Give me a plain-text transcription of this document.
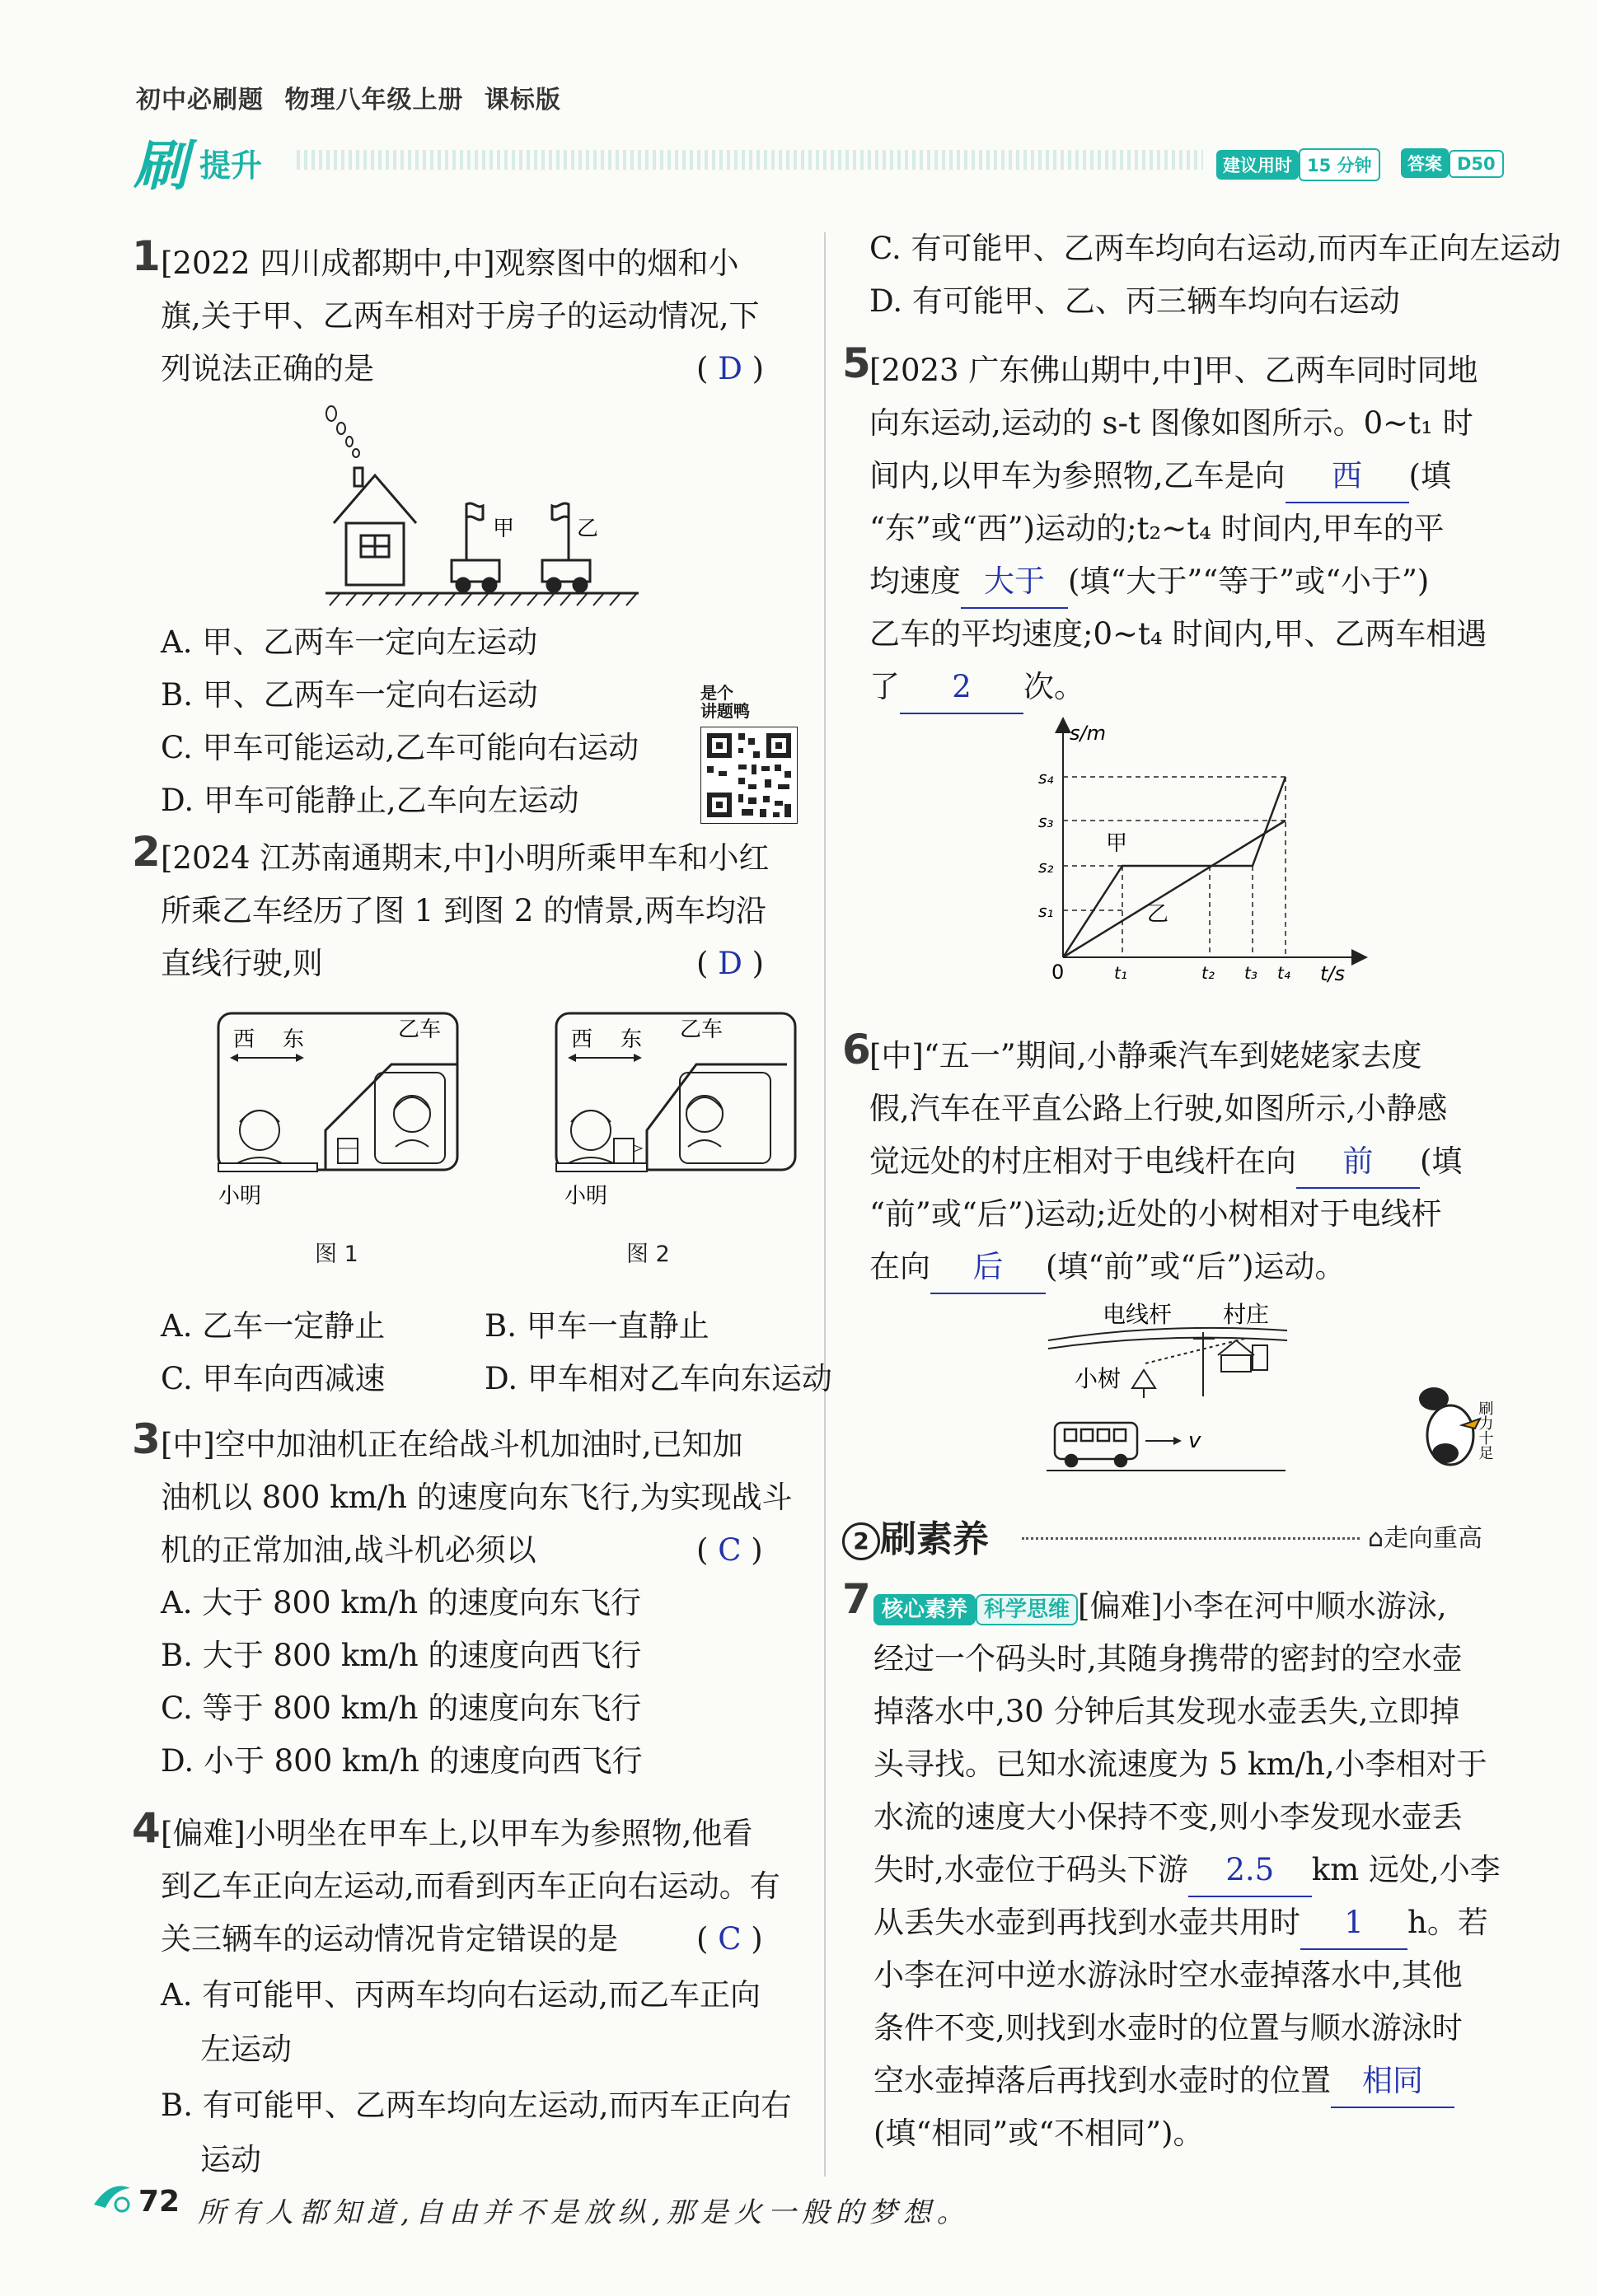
初中必刷题 物理八年级上册 课标版
刷 提升	建议用时 15 分钟	答案 D50
1 [2022 四川成都期中,中]观察图中的烟和小
旗,关于甲、乙两车相对于房子的运动情况,下
列说法正确的是	( D )
甲	乙
A. 甲、乙两车一定向左运动
B. 甲、乙两车一定向右运动
C. 甲车可能运动,乙车可能向右运动
D. 甲车可能静止,乙车向左运动
是个
讲题鸭
2 [2024 江苏南通期末,中]小明所乘甲车和小红
所乘乙车经历了图 1 到图 2 的情景,两车均沿
直线行驶,则	( D )
西 东	乙车
小明
西 东 乙车
小明
图 1	图 2
A. 乙车一定静止	B. 甲车一直静止
C. 甲车向西减速	D. 甲车相对乙车向东运动
3 [中]空中加油机正在给战斗机加油时,已知加
油机以 800 km/h 的速度向东飞行,为实现战斗
机的正常加油,战斗机必须以	( C )
A. 大于 800 km/h 的速度向东飞行
B. 大于 800 km/h 的速度向西飞行
C. 等于 800 km/h 的速度向东飞行
D. 小于 800 km/h 的速度向西飞行
4 [偏难]小明坐在甲车上,以甲车为参照物,他看
到乙车正向左运动,而看到丙车正向右运动。有
关三辆车的运动情况肯定错误的是	( C )
A. 有可能甲、丙两车均向右运动,而乙车正向
左运动
B. 有可能甲、乙两车均向左运动,而丙车正向右
运动
C. 有可能甲、乙两车均向右运动,而丙车正向左运动
D. 有可能甲、乙、丙三辆车均向右运动
5
[2023 广东佛山期中,中]甲、乙两车同时同地
向东运动,运动的 s-t 图像如图所示。0~t₁ 时
间内,以甲车为参照物,乙车是向 西 (填
“东”或“西”)运动的;t₂~t₄ 时间内,甲车的平
均速度 大于 (填“大于”“等于”或“小于”)
乙车的平均速度;0~t₄ 时间内,甲、乙两车相遇
了 2 次。
s/m
t/s
0
甲
乙
s₄
s₃
s₂
s₁
t₁	t₂ t₃ t₄
6
[中]“五一”期间,小静乘汽车到姥姥家去度
假,汽车在平直公路上行驶,如图所示,小静感
觉远处的村庄相对于电线杆在向 前 (填
“前”或“后”)运动;近处的小树相对于电线杆
在向 后 (填“前”或“后”)运动。
电线杆 村庄
小树
v	刷力十足
2 刷素养	⌂走向重高
7 核心素养 科学思维 [偏难]小李在河中顺水游泳,
经过一个码头时,其随身携带的密封的空水壶
掉落水中,30 分钟后其发现水壶丢失,立即掉
头寻找。已知水流速度为 5 km/h,小李相对于
水流的速度大小保持不变,则小李发现水壶丢
失时,水壶位于码头下游 2.5 km 远处,小李
从丢失水壶到再找到水壶共用时 1 h。若
小李在河中逆水游泳时空水壶掉落水中,其他
条件不变,则找到水壶时的位置与顺水游泳时
空水壶掉落后再找到水壶时的位置 相同
(填“相同”或“不相同”)。
72 所有人都知道,自由并不是放纵,那是火一般的梦想。
